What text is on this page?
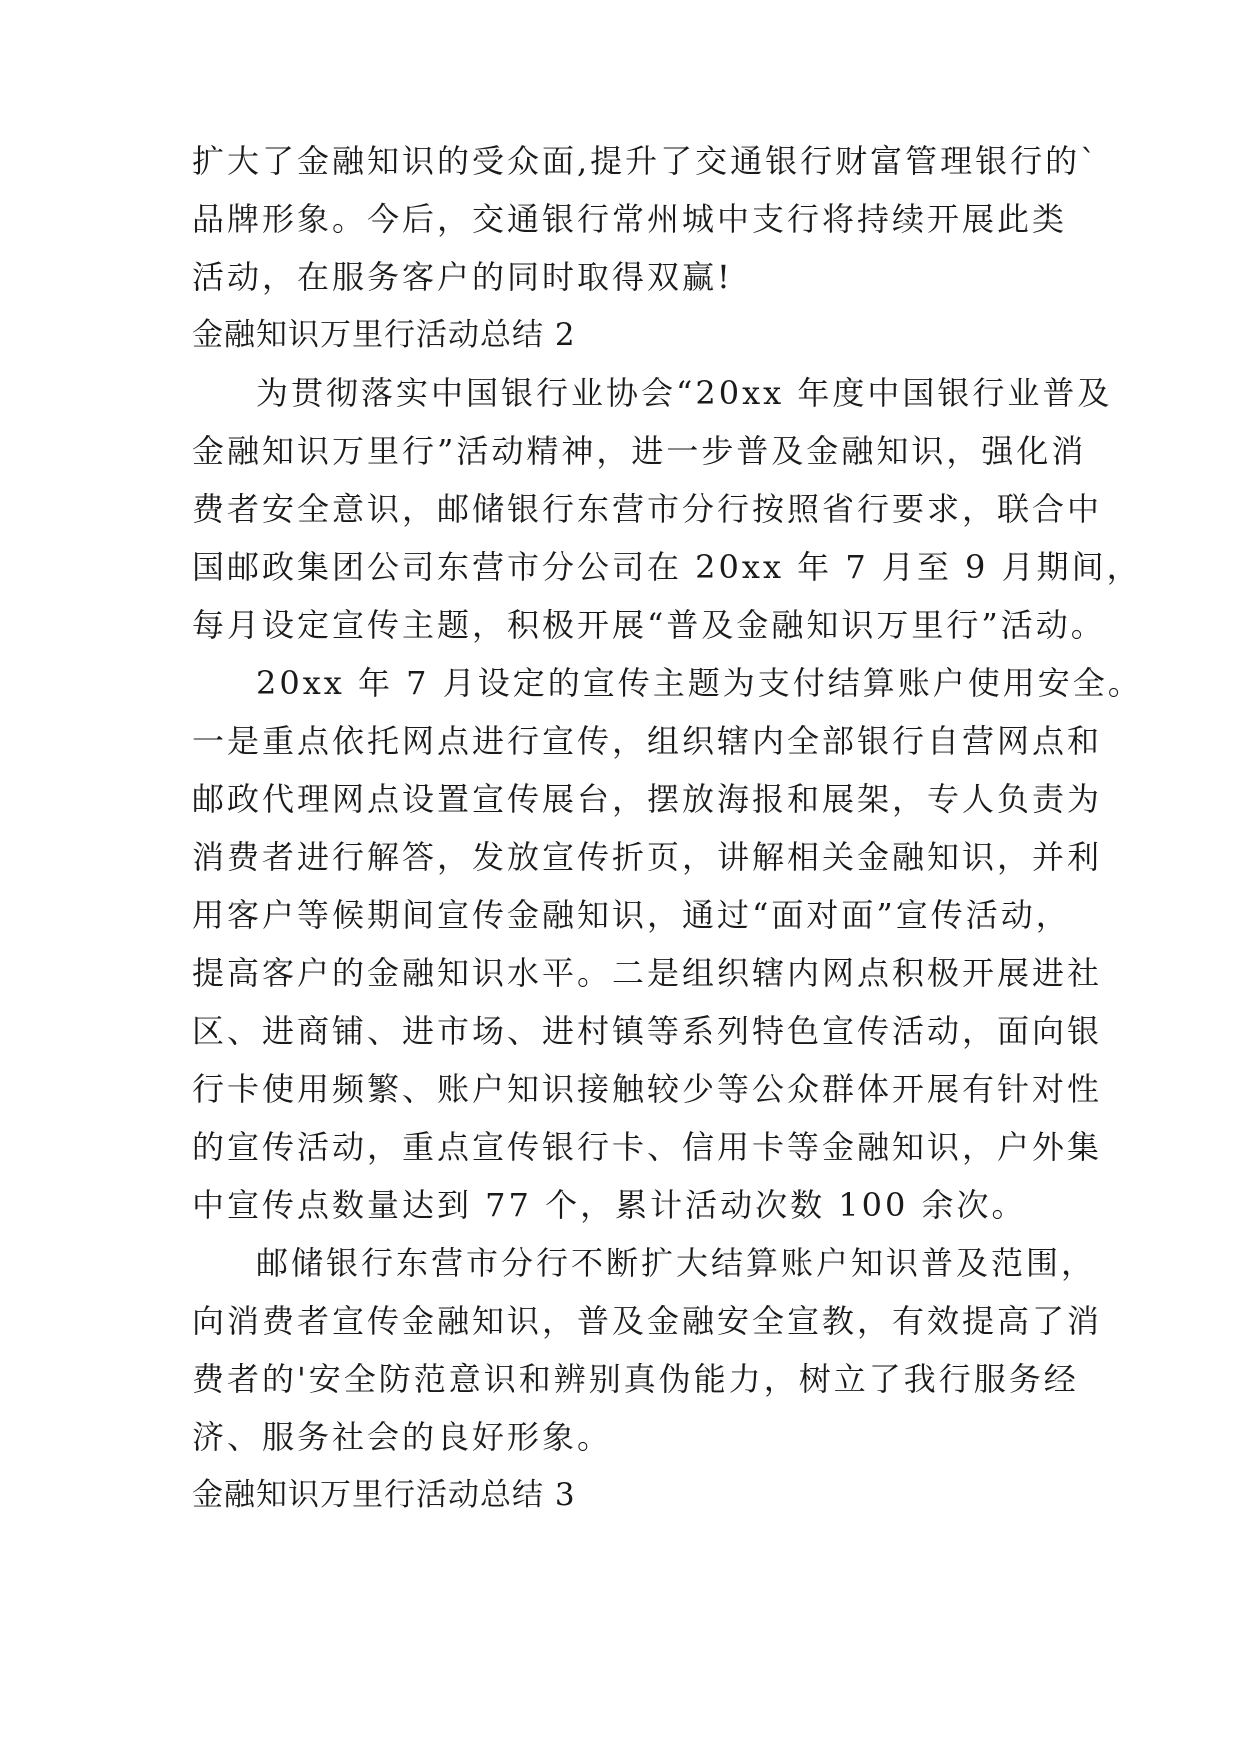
扩大了金融知识的受众面,提升了交通银行财富管理银行的`
品牌形象。今后，交通银行常州城中支行将持续开展此类
活动，在服务客户的同时取得双赢!
金融知识万里行活动总结 2
为贯彻落实中国银行业协会“20xx 年度中国银行业普及
金融知识万里行”活动精神，进一步普及金融知识，强化消
费者安全意识，邮储银行东营市分行按照省行要求，联合中
国邮政集团公司东营市分公司在 20xx 年 7 月至 9 月期间，
每月设定宣传主题，积极开展“普及金融知识万里行”活动。
20xx 年 7 月设定的宣传主题为支付结算账户使用安全。
一是重点依托网点进行宣传，组织辖内全部银行自营网点和
邮政代理网点设置宣传展台，摆放海报和展架，专人负责为
消费者进行解答，发放宣传折页，讲解相关金融知识，并利
用客户等候期间宣传金融知识，通过“面对面”宣传活动，
提高客户的金融知识水平。二是组织辖内网点积极开展进社
区、进商铺、进市场、进村镇等系列特色宣传活动，面向银
行卡使用频繁、账户知识接触较少等公众群体开展有针对性
的宣传活动，重点宣传银行卡、信用卡等金融知识，户外集
中宣传点数量达到 77 个，累计活动次数 100 余次。
邮储银行东营市分行不断扩大结算账户知识普及范围，
向消费者宣传金融知识，普及金融安全宣教，有效提高了消
费者的'安全防范意识和辨别真伪能力，树立了我行服务经
济、服务社会的良好形象。
金融知识万里行活动总结 3
